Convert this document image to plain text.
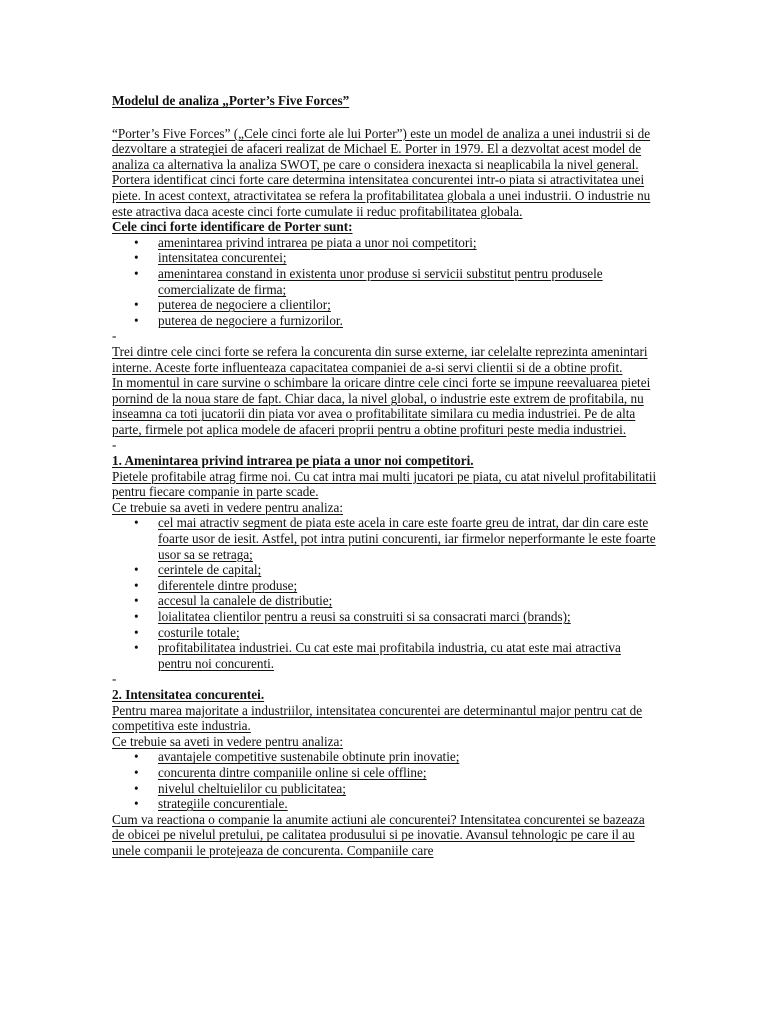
Modelul de analiza „Porter’s Five Forces”

“Porter’s Five Forces” („Cele cinci forte ale lui Porter”) este un model de analiza a unei industrii si de dezvoltare a strategiei de afaceri realizat de Michael E. Porter in 1979. El a dezvoltat acest model de analiza ca alternativa la analiza SWOT, pe care o considera inexacta si neaplicabila la nivel general.

Portera identificat cinci forte care determina intensitatea concurentei intr-o piata si atractivitatea unei piete. In acest context, atractivitatea se refera la profitabilitatea globala a unei industrii. O industrie nu este atractiva daca aceste cinci forte cumulate ii reduc profitabilitatea globala.

Cele cinci forte identificare de Porter sunt:

• amenintarea privind intrarea pe piata a unor noi competitori;
• intensitatea concurentei;
• amenintarea constand in existenta unor produse si servicii substitut pentru produsele comercializate de firma;
• puterea de negociere a clientilor;
• puterea de negociere a furnizorilor.
-

Trei dintre cele cinci forte se refera la concurenta din surse externe, iar celelalte reprezinta amenintari interne. Aceste forte influenteaza capacitatea companiei de a-si servi clientii si de a obtine profit.

In momentul in care survine o schimbare la oricare dintre cele cinci forte se impune reevaluarea pietei pornind de la noua stare de fapt. Chiar daca, la nivel global, o industrie este extrem de profitabila, nu inseamna ca toti jucatorii din piata vor avea o profitabilitate similara cu media industriei. Pe de alta parte, firmele pot aplica modele de afaceri proprii pentru a obtine profituri peste media industriei.

-

1. Amenintarea privind intrarea pe piata a unor noi competitori.

Pietele profitabile atrag firme noi. Cu cat intra mai multi jucatori pe piata, cu atat nivelul profitabilitatii pentru fiecare companie in parte scade.

Ce trebuie sa aveti in vedere pentru analiza:

• cel mai atractiv segment de piata este acela in care este foarte greu de intrat, dar din care este foarte usor de iesit. Astfel, pot intra putini concurenti, iar firmelor neperformante le este foarte usor sa se retraga;
• cerintele de capital;
• diferentele dintre produse;
• accesul la canalele de distributie;
• loialitatea clientilor pentru a reusi sa construiti si sa consacrati marci (brands);
• costurile totale;
• profitabilitatea industriei. Cu cat este mai profitabila industria, cu atat este mai atractiva pentru noi concurenti.
-

2. Intensitatea concurentei.

Pentru marea majoritate a industriilor, intensitatea concurentei are determinantul major pentru cat de competitiva este industria.

Ce trebuie sa aveti in vedere pentru analiza:

• avantajele competitive sustenabile obtinute prin inovatie;
• concurenta dintre companiile online si cele offline;
• nivelul cheltuielilor cu publicitatea;
• strategiile concurentiale.

Cum va reactiona o companie la anumite actiuni ale concurentei? Intensitatea concurentei se bazeaza de obicei pe nivelul pretului, pe calitatea produsului si pe inovatie. Avansul tehnologic pe care il au unele companii le protejeaza de concurenta. Companiile care
